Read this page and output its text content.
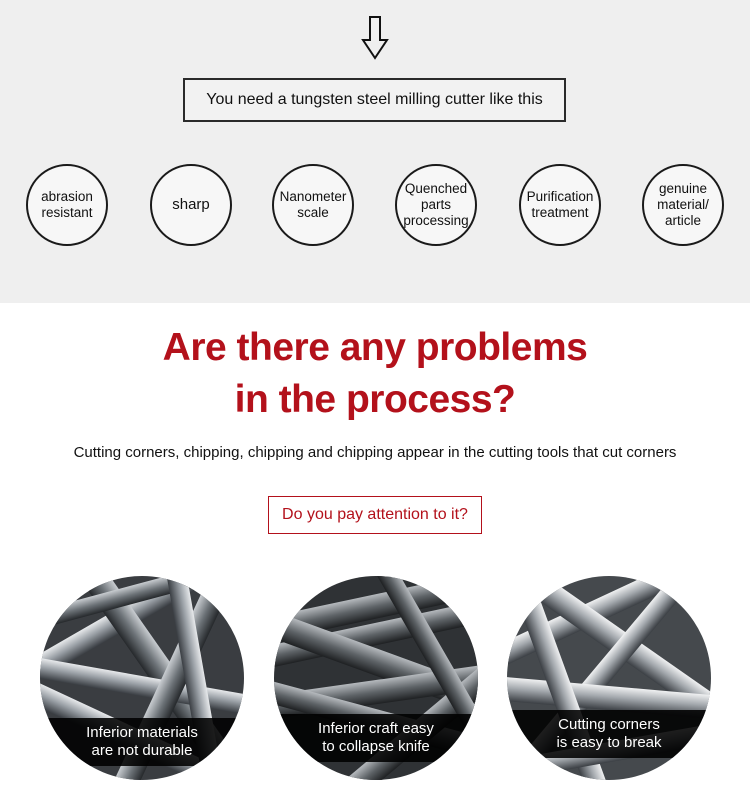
You need a tungsten steel milling cutter like this
abrasion
resistant	sharp	Nanometer
scale
Quenched
parts
processing
Purification
treatment
genuine
material/
article
Are there any problems
in the process?
Cutting corners, chipping, chipping and chipping appear in the cutting tools that cut corners
Do you pay attention to it?
Inferior materials
are not durable
Inferior craft easy
to collapse knife
Cutting corners
is easy to break
